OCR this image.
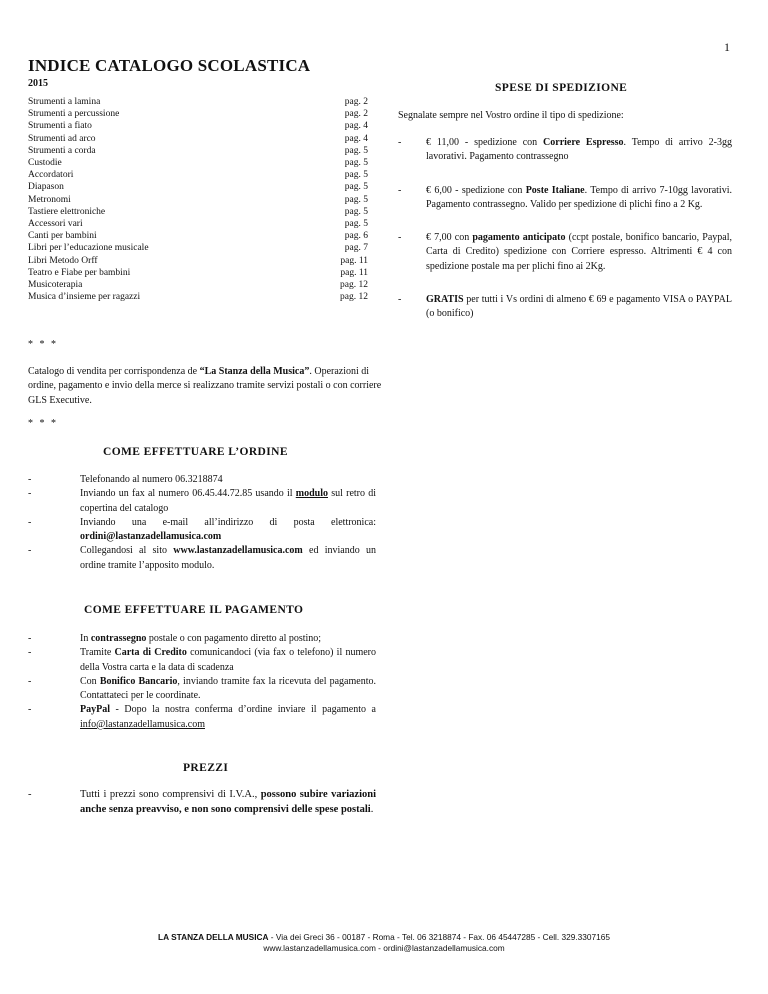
1
INDICE CATALOGO SCOLASTICA
2015
Strumenti a lamina	pag. 2
Strumenti a percussione	pag. 2
Strumenti a fiato	pag. 4
Strumenti ad arco	pag. 4
Strumenti a corda	pag. 5
Custodie	pag. 5
Accordatori	pag. 5
Diapason	pag. 5
Metronomi	pag. 5
Tastiere elettroniche	pag. 5
Accessori vari	pag. 5
Canti per bambini	pag. 6
Libri per l’educazione musicale	pag. 7
Libri Metodo Orff	pag. 11
Teatro e Fiabe per bambini	pag. 11
Musicoterapia	pag. 12
Musica d’insieme per ragazzi	pag. 12
SPESE DI SPEDIZIONE
Segnalate sempre nel Vostro ordine il tipo di spedizione:
- € 11,00 - spedizione con Corriere Espresso. Tempo di arrivo 2-3gg lavorativi. Pagamento contrassegno
- € 6,00 - spedizione con Poste Italiane. Tempo di arrivo 7-10gg lavorativi. Pagamento contrassegno. Valido per spedizione di plichi fino a 2 Kg.
- € 7,00 con pagamento anticipato (ccpt postale, bonifico bancario, Paypal, Carta di Credito) spedizione con Corriere espresso. Altrimenti € 4 con spedizione postale ma per plichi fino ai 2Kg.
- GRATIS per tutti i Vs ordini di almeno € 69 e pagamento VISA o PAYPAL (o bonifico)
* * *
Catalogo di vendita per corrispondenza de “La Stanza della Musica”. Operazioni di ordine, pagamento e invio della merce si realizzano tramite servizi postali o con corriere GLS Executive.
* * *
COME EFFETTUARE L’ORDINE
-	Telefonando al numero 06.3218874
-	Inviando un fax al numero 06.45.44.72.85 usando il modulo sul retro di copertina del catalogo
-	Inviando una e-mail all’indirizzo di posta elettronica: ordini@lastanzadellamusica.com
-	Collegandosi al sito www.lastanzadellamusica.com ed inviando un ordine tramite l’apposito modulo.
COME EFFETTUARE IL PAGAMENTO
-	In contrassegno postale o con pagamento diretto al postino;
-	Tramite Carta di Credito comunicandoci (via fax o telefono) il numero della Vostra carta e la data di scadenza
-	Con Bonifico Bancario, inviando tramite fax la ricevuta del pagamento. Contattateci per le coordinate.
-	PayPal - Dopo la nostra conferma d’ordine inviare il pagamento a info@lastanzadellamusica.com
PREZZI
-	Tutti i prezzi sono comprensivi di I.V.A., possono subire variazioni anche senza preavviso, e non sono comprensivi delle spese postali.
LA STANZA DELLA MUSICA - Via dei Greci 36 - 00187 - Roma - Tel. 06 3218874 - Fax. 06 45447285 - Cell. 329.3307165
www.lastanzadellamusica.com - ordini@lastanzadellamusica.com
